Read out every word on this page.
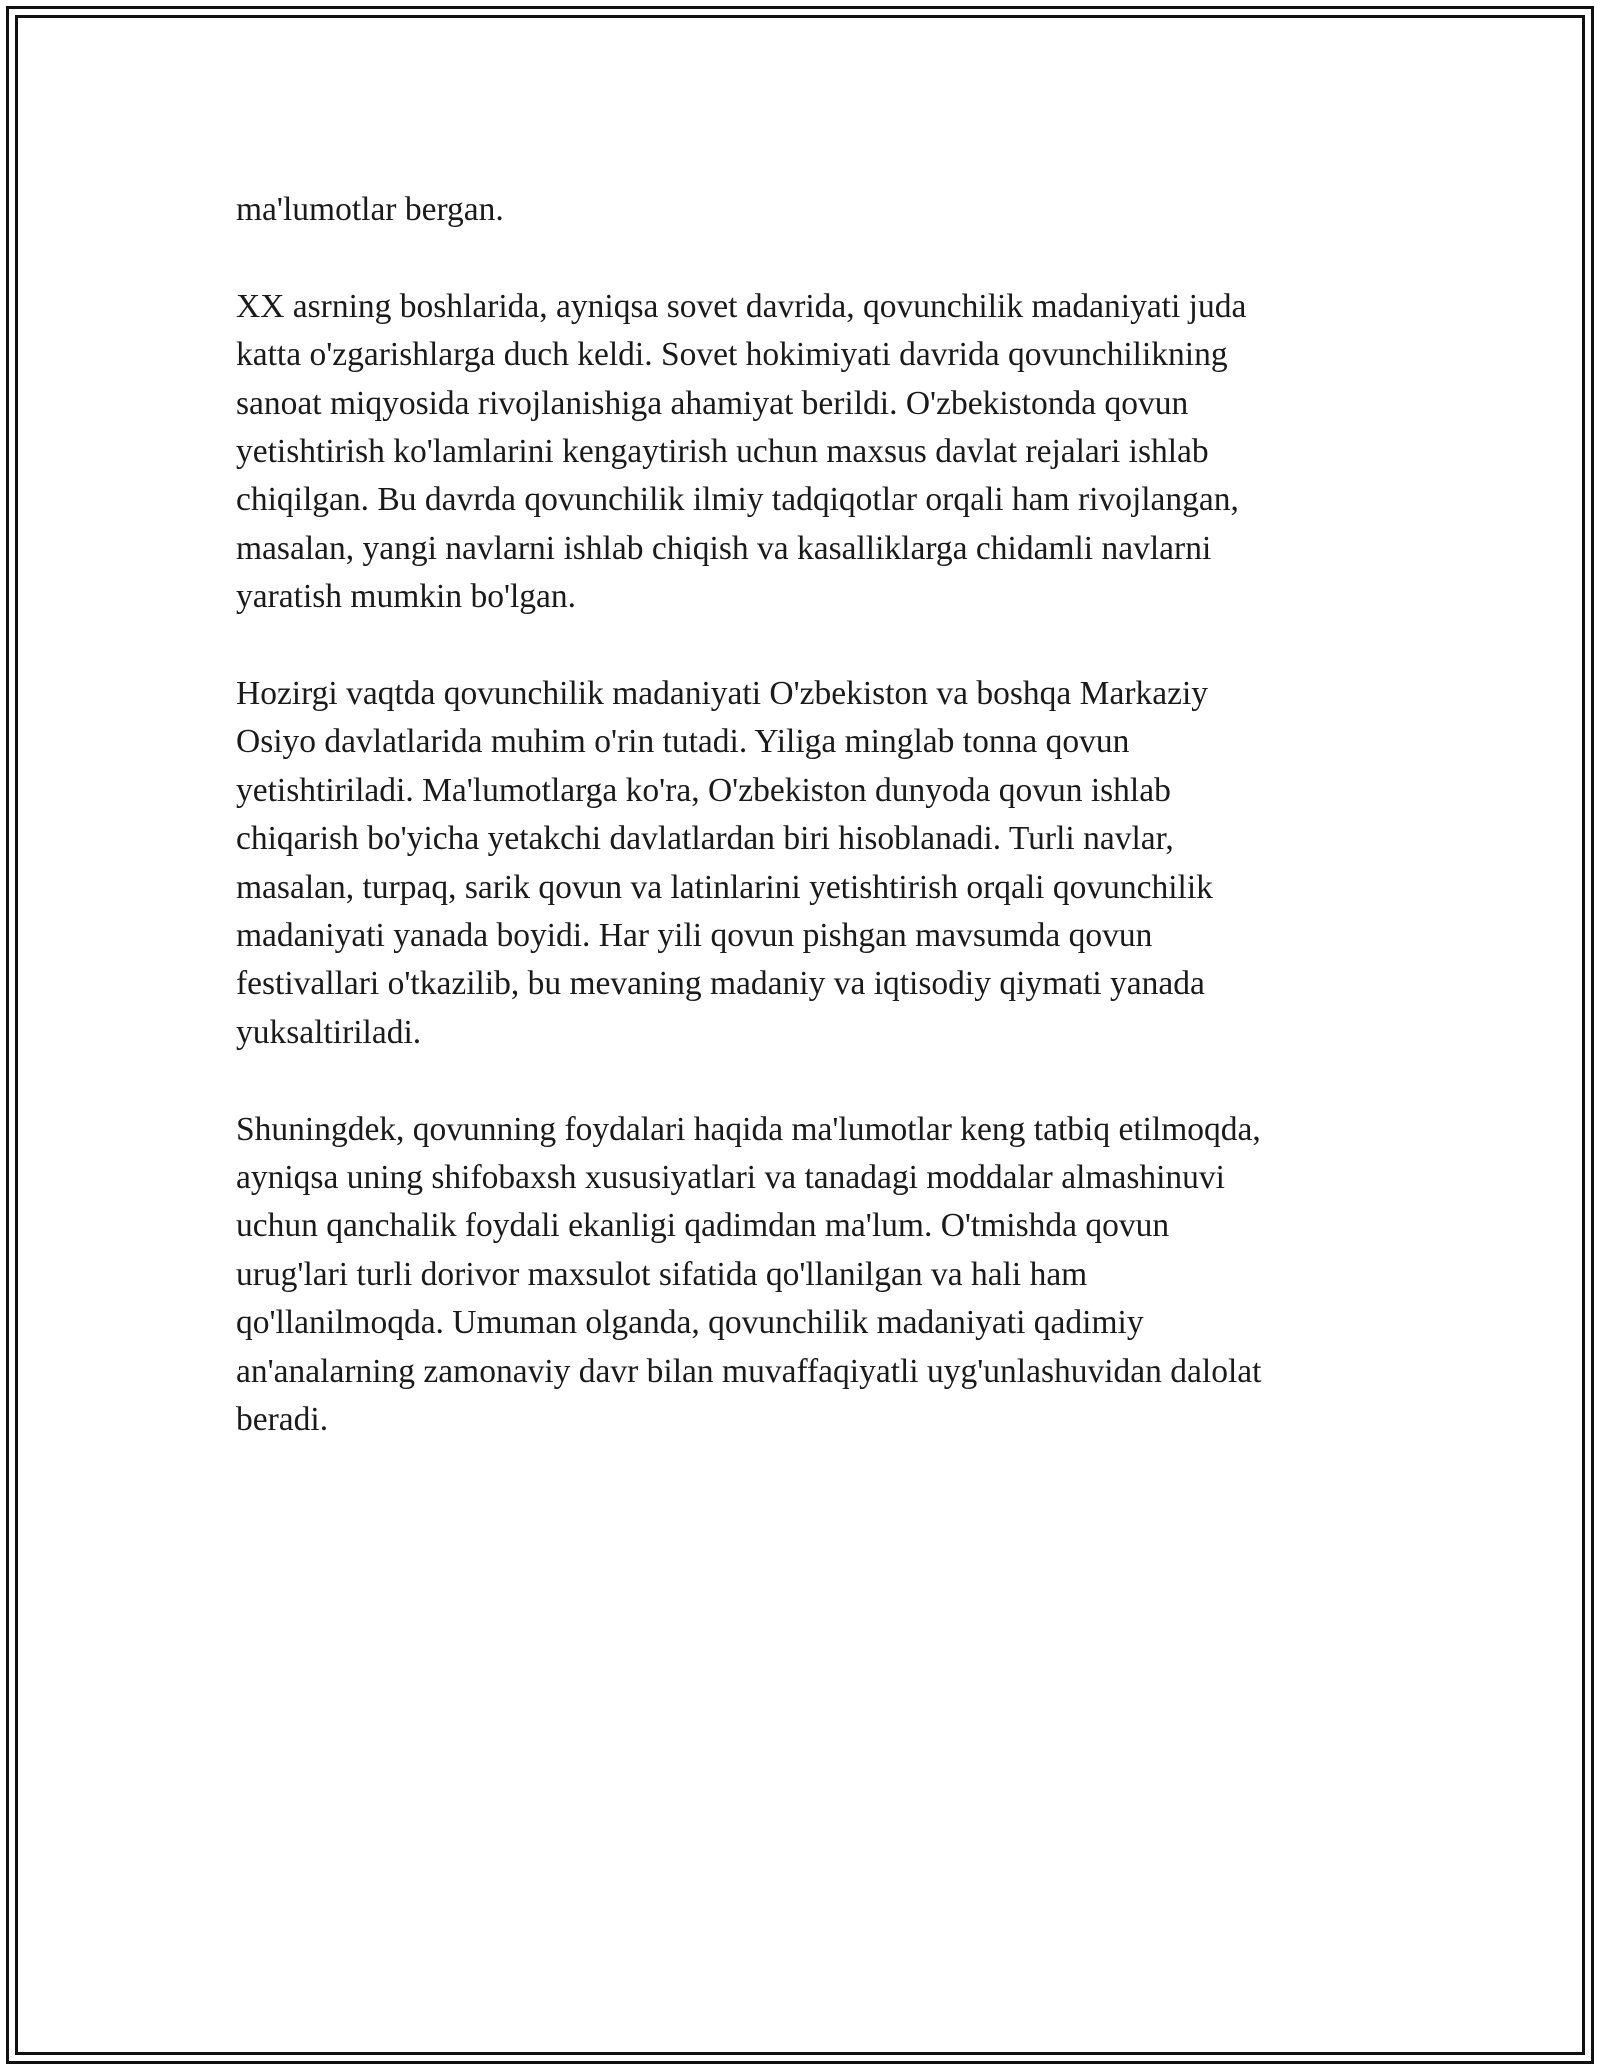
ma'lumotlar bergan.

XX asrning boshlarida, ayniqsa sovet davrida, qovunchilik madaniyati juda
katta o'zgarishlarga duch keldi. Sovet hokimiyati davrida qovunchilikning
sanoat miqyosida rivojlanishiga ahamiyat berildi. O'zbekistonda qovun
yetishtirish ko'lamlarini kengaytirish uchun maxsus davlat rejalari ishlab
chiqilgan. Bu davrda qovunchilik ilmiy tadqiqotlar orqali ham rivojlangan,
masalan, yangi navlarni ishlab chiqish va kasalliklarga chidamli navlarni
yaratish mumkin bo'lgan.

Hozirgi vaqtda qovunchilik madaniyati O'zbekiston va boshqa Markaziy
Osiyo davlatlarida muhim o'rin tutadi. Yiliga minglab tonna qovun
yetishtiriladi. Ma'lumotlarga ko'ra, O'zbekiston dunyoda qovun ishlab
chiqarish bo'yicha yetakchi davlatlardan biri hisoblanadi. Turli navlar,
masalan, turpaq, sarik qovun va latinlarini yetishtirish orqali qovunchilik
madaniyati yanada boyidi. Har yili qovun pishgan mavsumda qovun
festivallari o'tkazilib, bu mevaning madaniy va iqtisodiy qiymati yanada
yuksaltiriladi.

Shuningdek, qovunning foydalari haqida ma'lumotlar keng tatbiq etilmoqda,
ayniqsa uning shifobaxsh xususiyatlari va tanadagi moddalar almashinuvi
uchun qanchalik foydali ekanligi qadimdan ma'lum. O'tmishda qovun
urug'lari turli dorivor maxsulot sifatida qo'llanilgan va hali ham
qo'llanilmoqda. Umuman olganda, qovunchilik madaniyati qadimiy
an'analarning zamonaviy davr bilan muvaffaqiyatli uyg'unlashuvidan dalolat
beradi.
